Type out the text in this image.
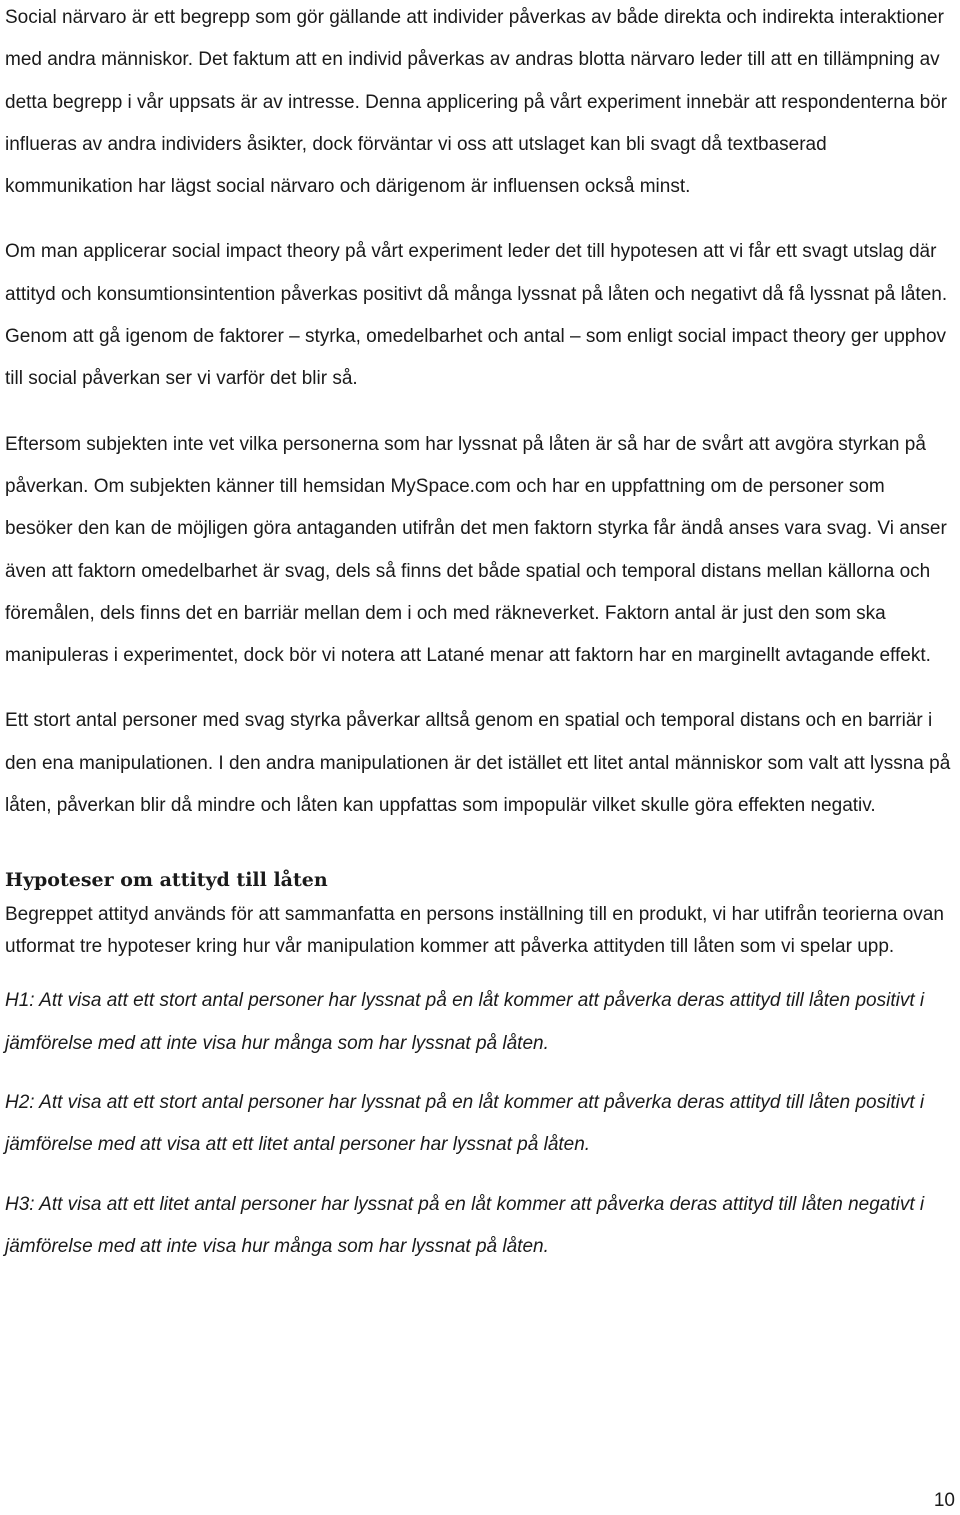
Social närvaro är ett begrepp som gör gällande att individer påverkas av både direkta och indirekta interaktioner med andra människor. Det faktum att en individ påverkas av andras blotta närvaro leder till att en tillämpning av detta begrepp i vår uppsats är av intresse. Denna applicering på vårt experiment innebär att respondenterna bör influeras av andra individers åsikter, dock förväntar vi oss att utslaget kan bli svagt då textbaserad kommunikation har lägst social närvaro och därigenom är influensen också minst.

Om man applicerar social impact theory på vårt experiment leder det till hypotesen att vi får ett svagt utslag där attityd och konsumtionsintention påverkas positivt då många lyssnat på låten och negativt då få lyssnat på låten. Genom att gå igenom de faktorer – styrka, omedelbarhet och antal – som enligt social impact theory ger upphov till social påverkan ser vi varför det blir så.

Eftersom subjekten inte vet vilka personerna som har lyssnat på låten är så har de svårt att avgöra styrkan på påverkan. Om subjekten känner till hemsidan MySpace.com och har en uppfattning om de personer som besöker den kan de möjligen göra antaganden utifrån det men faktorn styrka får ändå anses vara svag. Vi anser även att faktorn omedelbarhet är svag, dels så finns det både spatial och temporal distans mellan källorna och föremålen, dels finns det en barriär mellan dem i och med räkneverket. Faktorn antal är just den som ska manipuleras i experimentet, dock bör vi notera att Latané menar att faktorn har en marginellt avtagande effekt.

Ett stort antal personer med svag styrka påverkar alltså genom en spatial och temporal distans och en barriär i den ena manipulationen. I den andra manipulationen är det istället ett litet antal människor som valt att lyssna på låten, påverkan blir då mindre och låten kan uppfattas som impopulär vilket skulle göra effekten negativ.

Hypoteser om attityd till låten

Begreppet attityd används för att sammanfatta en persons inställning till en produkt, vi har utifrån teorierna ovan utformat tre hypoteser kring hur vår manipulation kommer att påverka attityden till låten som vi spelar upp.

H1: Att visa att ett stort antal personer har lyssnat på en låt kommer att påverka deras attityd till låten positivt i jämförelse med att inte visa hur många som har lyssnat på låten.

H2: Att visa att ett stort antal personer har lyssnat på en låt kommer att påverka deras attityd till låten positivt i jämförelse med att visa att ett litet antal personer har lyssnat på låten.

H3: Att visa att ett litet antal personer har lyssnat på en låt kommer att påverka deras attityd till låten negativt i jämförelse med att inte visa hur många som har lyssnat på låten.

10
